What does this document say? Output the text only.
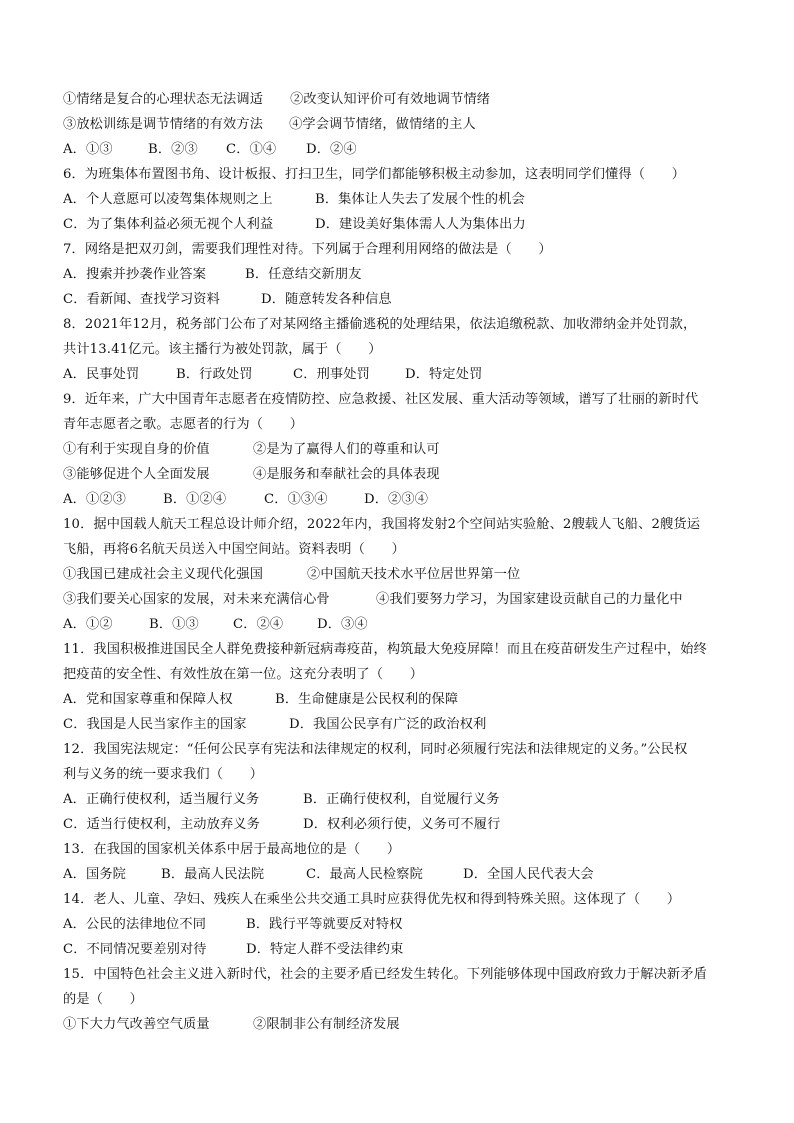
①情绪是复合的心理状态无法调适 ②改变认知评价可有效地调节情绪
③放松训练是调节情绪的有效方法 ④学会调节情绪，做情绪的主人
A．①③	B．②③ C．①④ D．②④
6．为班集体布置图书角、设计板报、打扫卫生，同学们都能够积极主动参加，这表明同学们懂得（　　）
A．个人意愿可以凌驾集体规则之上	B．集体让人失去了发展个性的机会
C．为了集体利益必须无视个人利益	D．建设美好集体需人人为集体出力
7．网络是把双刃剑，需要我们理性对待。下列属于合理利用网络的做法是（　　）
A．搜索并抄袭作业答案	B．任意结交新朋友
C．看新闻、查找学习资料	D．随意转发各种信息
8．2021年12月，税务部门公布了对某网络主播偷逃税的处理结果，依法追缴税款、加收滞纳金并处罚款，
共计13.41亿元。该主播行为被处罚款，属于（　　）
A．民事处罚	B．行政处罚	C．刑事处罚	D．特定处罚
9．近年来，广大中国青年志愿者在疫情防控、应急救援、社区发展、重大活动等领域，谱写了壮丽的新时代
青年志愿者之歌。志愿者的行为（　　）
①有利于实现自身的价值	②是为了赢得人们的尊重和认可
③能够促进个人全面发展	④是服务和奉献社会的具体表现
A．①②③	B．①②④	C．①③④	D．②③④
10．据中国载人航天工程总设计师介绍，2022年内，我国将发射2个空间站实验舱、2艘载人飞船、2艘货运
飞船，再将6名航天员送入中国空间站。资料表明（　　）
①我国已建成社会主义现代化强国	②中国航天技术水平位居世界第一位
③我们要关心国家的发展，对未来充满信心骨	④我们要努力学习，为国家建设贡献自己的力量化中
A．①②	B．①③	C．②④	D．③④
11．我国积极推进国民全人群免费接种新冠病毒疫苗，构筑最大免疫屏障！而且在疫苗研发生产过程中，始终
把疫苗的安全性、有效性放在第一位。这充分表明了（　　）
A．党和国家尊重和保障人权	B．生命健康是公民权利的保障
C．我国是人民当家作主的国家	D．我国公民享有广泛的政治权利
12．我国宪法规定：“任何公民享有宪法和法律规定的权利，同时必须履行宪法和法律规定的义务。”公民权
利与义务的统一要求我们（　　）
A．正确行使权利，适当履行义务	B．正确行使权利，自觉履行义务
C．适当行使权利，主动放弃义务	D．权利必须行使，义务可不履行
13．在我国的国家机关体系中居于最高地位的是（　　）
A．国务院	B．最高人民法院	C．最高人民检察院	D．全国人民代表大会
14．老人、儿童、孕妇、残疾人在乘坐公共交通工具时应获得优先权和得到特殊关照。这体现了（　　）
A．公民的法律地位不同	B．践行平等就要反对特权
C．不同情况要差别对待	D．特定人群不受法律约束
15．中国特色社会主义进入新时代，社会的主要矛盾已经发生转化。下列能够体现中国政府致力于解决新矛盾
的是（　　）
①下大力气改善空气质量	②限制非公有制经济发展
